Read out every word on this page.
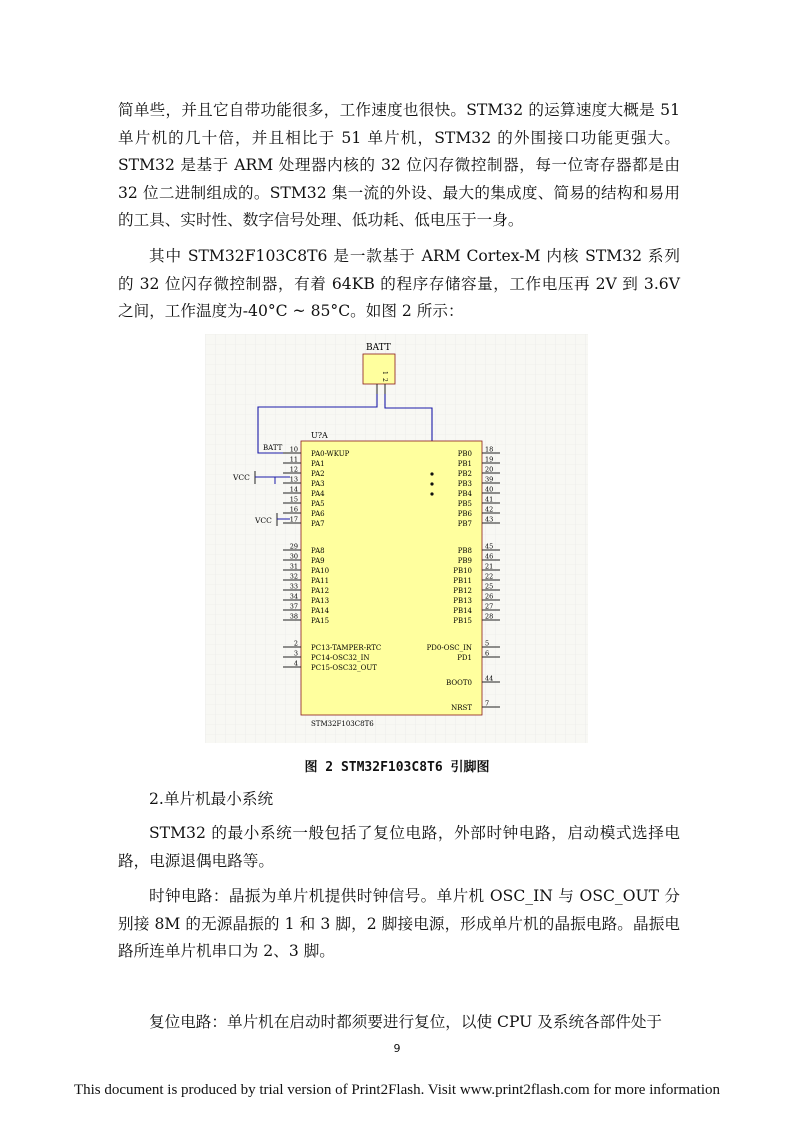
简单些，并且它自带功能很多，工作速度也很快。STM32 的运算速度大概是 51 单片机的几十倍，并且相比于 51 单片机，STM32 的外围接口功能更强大。STM32 是基于 ARM 处理器内核的 32 位闪存微控制器，每一位寄存器都是由 32 位二进制组成的。STM32 集一流的外设、最大的集成度、简易的结构和易用的工具、实时性、数字信号处理、低功耗、低电压于一身。

其中 STM32F103C8T6 是一款基于 ARM Cortex-M 内核 STM32 系列的 32 位闪存微控制器，有着 64KB 的程序存储容量，工作电压再 2V 到 3.6V 之间，工作温度为-40°C ~ 85°C。如图 2 所示：

BATT
1
2
U?A
STM32F103C8T6
BATT
VCC
VCC
10
PA0-WKUP
11
PA1
12
PA2
13
PA3
14
PA4
15
PA5
16
PA6
17
PA7
29
PA8
30
PA9
31
PA10
32
PA11
33
PA12
34
PA13
37
PA14
38
PA15
2
PC13-TAMPER-RTC
3
PC14-OSC32_IN
4
PC15-OSC32_OUT
18
PB0
19
PB1
20
PB2
39
PB3
40
PB4
41
PB5
42
PB6
43
PB7
45
PB8
46
PB9
21
PB10
22
PB11
25
PB12
26
PB13
27
PB14
28
PB15
5
PD0-OSC_IN
6
PD1
44
BOOT0
7
NRST
图 2 STM32F103C8T6 引脚图

2.单片机最小系统

STM32 的最小系统一般包括了复位电路，外部时钟电路，启动模式选择电路，电源退偶电路等。

时钟电路：晶振为单片机提供时钟信号。单片机 OSC_IN 与 OSC_OUT 分别接 8M 的无源晶振的 1 和 3 脚，2 脚接电源，形成单片机的晶振电路。晶振电路所连单片机串口为 2、3 脚。

复位电路：单片机在启动时都须要进行复位，以使 CPU 及系统各部件处于

9
This document is produced by trial version of Print2Flash. Visit www.print2flash.com for more information
